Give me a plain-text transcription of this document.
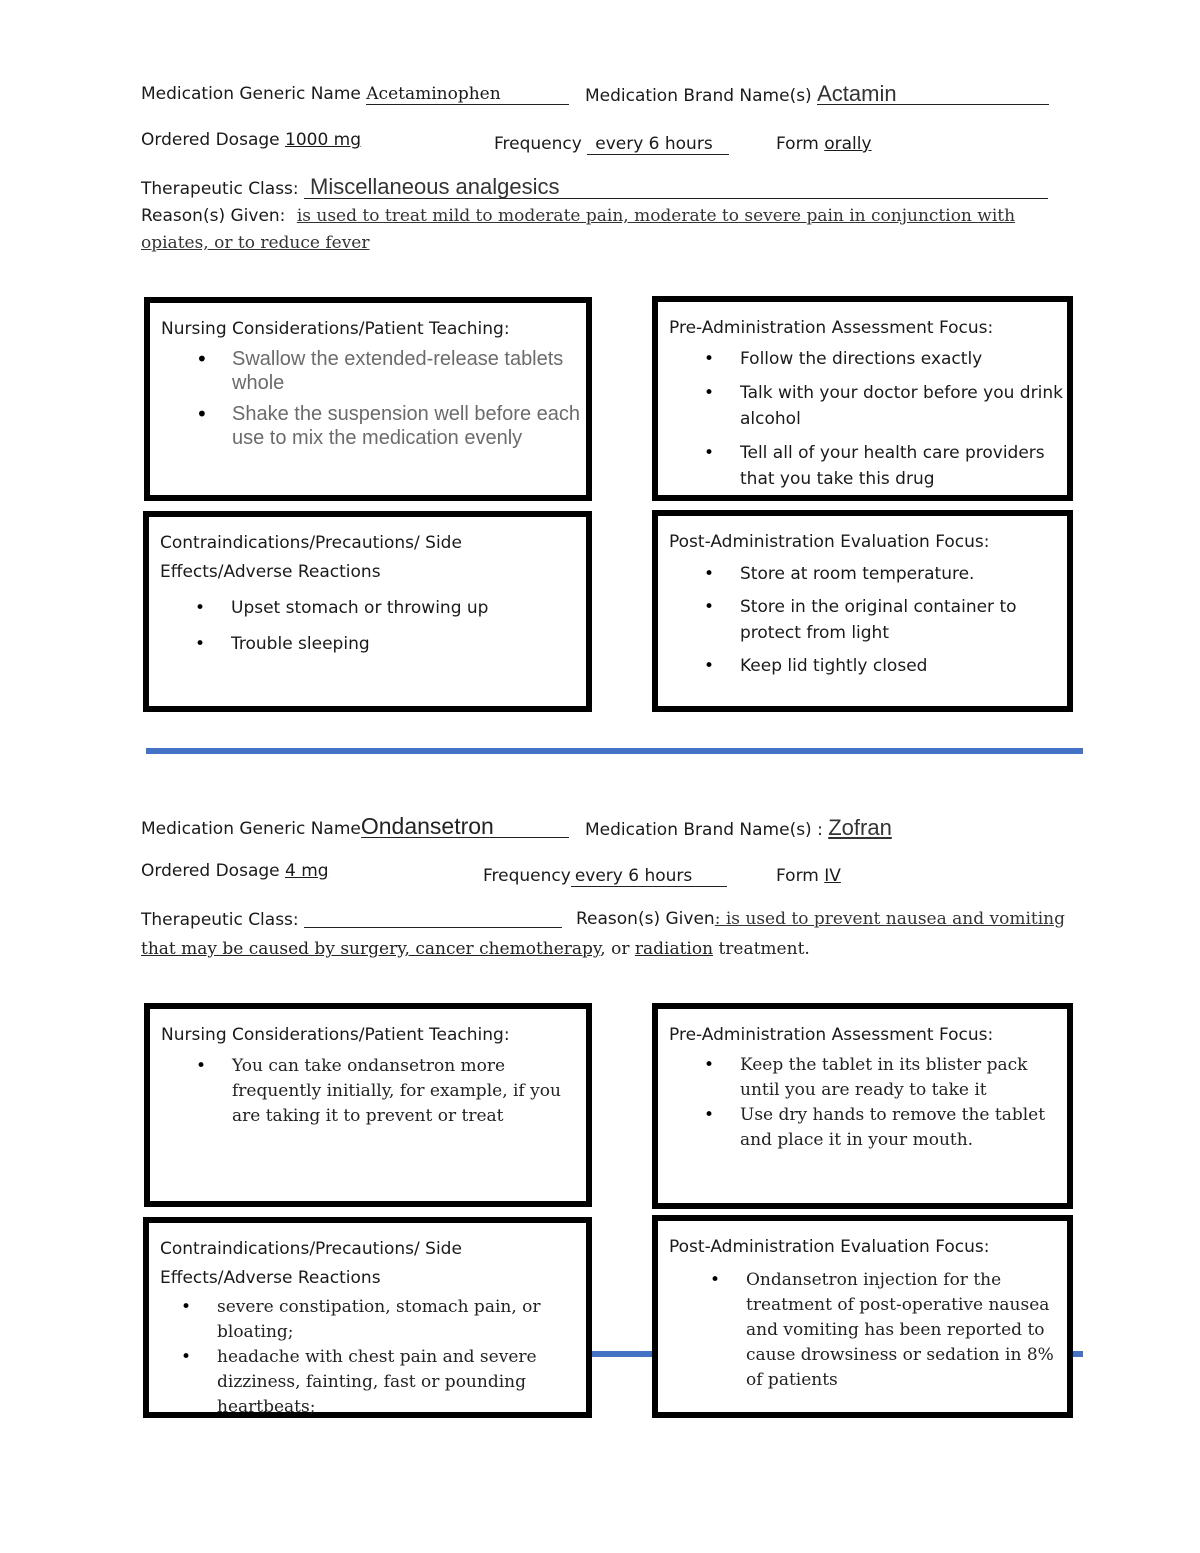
Medication Generic Name Acetaminophen	Medication Brand Name(s) Actamin
Ordered Dosage 1000 mg	Frequency every 6 hours	Form orally
Therapeutic Class: Miscellaneous analgesics
Reason(s) Given: is used to treat mild to moderate pain, moderate to severe pain in conjunction with
opiates, or to reduce fever
Nursing Considerations/Patient Teaching:
• Swallow the extended-release tablets whole
• Shake the suspension well before each use to mix the medication evenly
Pre-Administration Assessment Focus:
• Follow the directions exactly
• Talk with your doctor before you drink alcohol
• Tell all of your health care providers that you take this drug
Contraindications/Precautions/ Side Effects/Adverse Reactions
• Upset stomach or throwing up
• Trouble sleeping
Post-Administration Evaluation Focus:
• Store at room temperature.
• Store in the original container to protect from light
• Keep lid tightly closed
Medication Generic NameOndansetron	Medication Brand Name(s) : Zofran
Ordered Dosage 4 mg	Frequency every 6 hours	Form IV
Therapeutic Class:	Reason(s) Given: is used to prevent nausea and vomiting
that may be caused by surgery, cancer chemotherapy, or radiation treatment.
Nursing Considerations/Patient Teaching:
• You can take ondansetron more frequently initially, for example, if you are taking it to prevent or treat
Pre-Administration Assessment Focus:
• Keep the tablet in its blister pack until you are ready to take it
• Use dry hands to remove the tablet and place it in your mouth.
Contraindications/Precautions/ Side Effects/Adverse Reactions
• severe constipation, stomach pain, or bloating;
• headache with chest pain and severe dizziness, fainting, fast or pounding heartbeats;
Post-Administration Evaluation Focus:
• Ondansetron injection for the treatment of post-operative nausea and vomiting has been reported to cause drowsiness or sedation in 8% of patients
